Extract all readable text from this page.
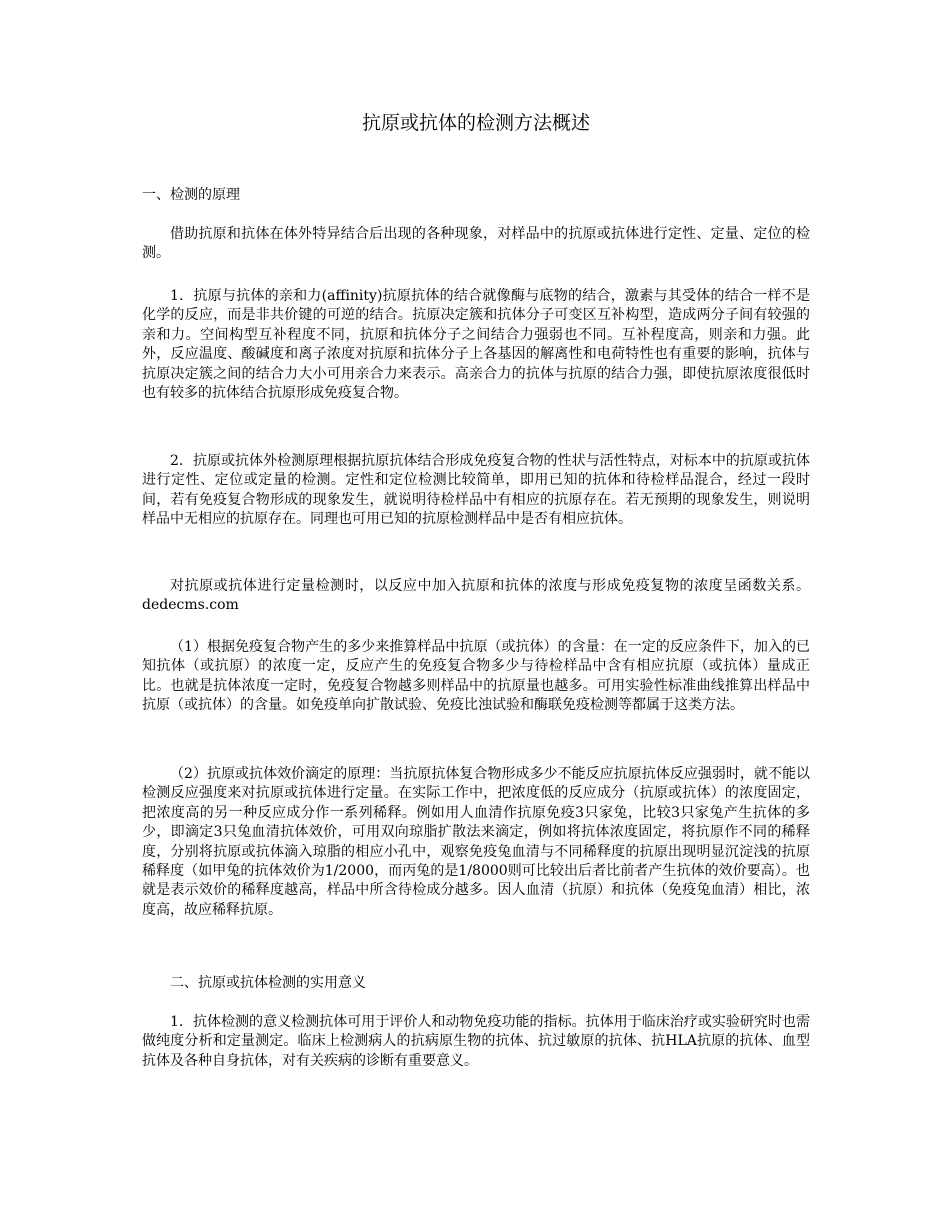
抗原或抗体的检测方法概述

一、检测的原理

借助抗原和抗体在体外特异结合后出现的各种现象，对样品中的抗原或抗体进行定性、定量、定位的检测。

1．抗原与抗体的亲和力(affinity)抗原抗体的结合就像酶与底物的结合，激素与其受体的结合一样不是化学的反应，而是非共价键的可逆的结合。抗原决定簇和抗体分子可变区互补构型，造成两分子间有较强的亲和力。空间构型互补程度不同，抗原和抗体分子之间结合力强弱也不同。互补程度高，则亲和力强。此外，反应温度、酸碱度和离子浓度对抗原和抗体分子上各基因的解离性和电荷特性也有重要的影响，抗体与抗原决定簇之间的结合力大小可用亲合力来表示。高亲合力的抗体与抗原的结合力强，即使抗原浓度很低时也有较多的抗体结合抗原形成免疫复合物。

2．抗原或抗体外检测原理根据抗原抗体结合形成免疫复合物的性状与活性特点，对标本中的抗原或抗体进行定性、定位或定量的检测。定性和定位检测比较简单，即用已知的抗体和待检样品混合，经过一段时间，若有免疫复合物形成的现象发生，就说明待检样品中有相应的抗原存在。若无预期的现象发生，则说明样品中无相应的抗原存在。同理也可用已知的抗原检测样品中是否有相应抗体。

对抗原或抗体进行定量检测时，以反应中加入抗原和抗体的浓度与形成免疫复物的浓度呈函数关系。 dedecms.com

（1）根据免疫复合物产生的多少来推算样品中抗原（或抗体）的含量：在一定的反应条件下，加入的已知抗体（或抗原）的浓度一定，反应产生的免疫复合物多少与待检样品中含有相应抗原（或抗体）量成正比。也就是抗体浓度一定时，免疫复合物越多则样品中的抗原量也越多。可用实验性标准曲线推算出样品中抗原（或抗体）的含量。如免疫单向扩散试验、免疫比浊试验和酶联免疫检测等都属于这类方法。

（2）抗原或抗体效价滴定的原理：当抗原抗体复合物形成多少不能反应抗原抗体反应强弱时，就不能以检测反应强度来对抗原或抗体进行定量。在实际工作中，把浓度低的反应成分（抗原或抗体）的浓度固定，把浓度高的另一种反应成分作一系列稀释。例如用人血清作抗原免疫3只家兔，比较3只家兔产生抗体的多少，即滴定3只兔血清抗体效价，可用双向琼脂扩散法来滴定，例如将抗体浓度固定，将抗原作不同的稀释度，分别将抗原或抗体滴入琼脂的相应小孔中，观察免疫兔血清与不同稀释度的抗原出现明显沉淀浅的抗原稀释度（如甲兔的抗体效价为1/2000，而丙兔的是1/8000则可比较出后者比前者产生抗体的效价要高）。也就是表示效价的稀释度越高，样品中所含待检成分越多。因人血清（抗原）和抗体（免疫兔血清）相比，浓度高，故应稀释抗原。

二、抗原或抗体检测的实用意义

1．抗体检测的意义检测抗体可用于评价人和动物免疫功能的指标。抗体用于临床治疗或实验研究时也需做纯度分析和定量测定。临床上检测病人的抗病原生物的抗体、抗过敏原的抗体、抗HLA抗原的抗体、血型抗体及各种自身抗体，对有关疾病的诊断有重要意义。
